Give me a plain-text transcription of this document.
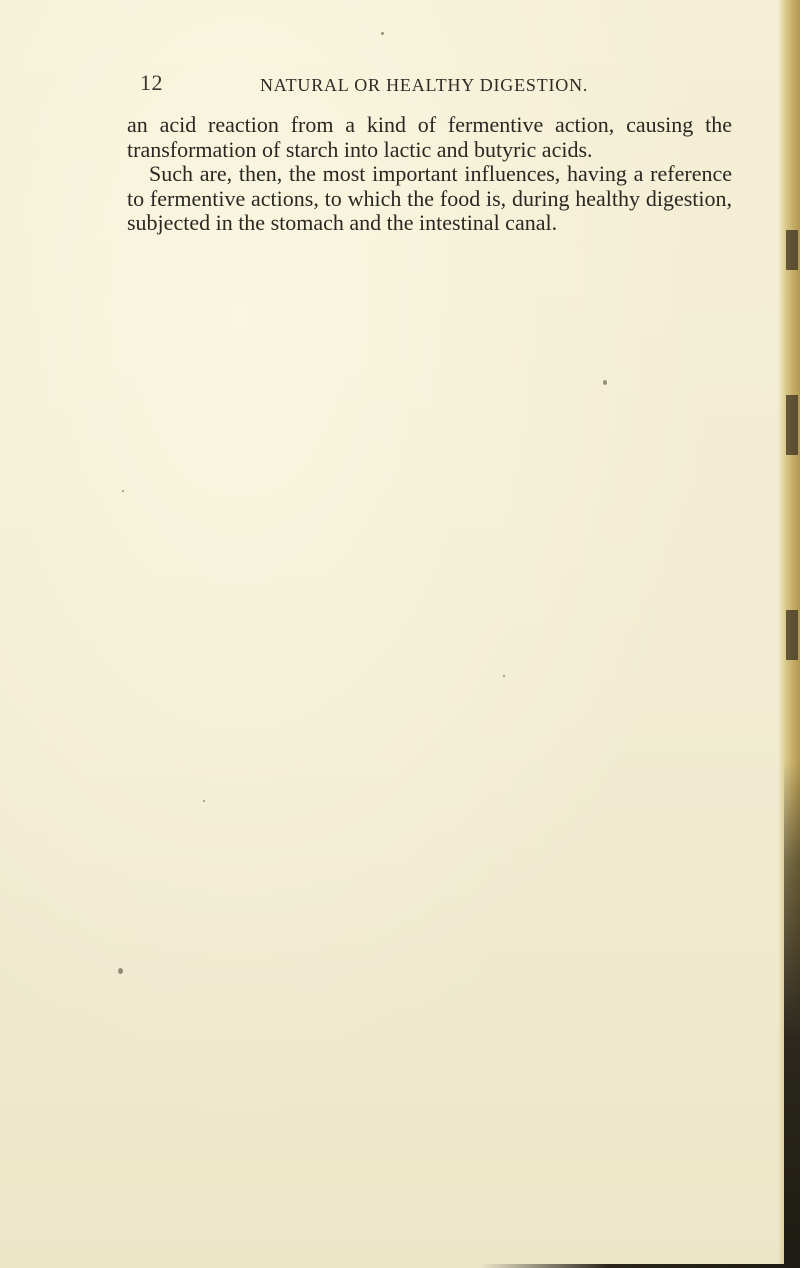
12	NATURAL OR HEALTHY DIGESTION.

an acid reaction from a kind of fermentive action, causing the transformation of starch into lactic and butyric acids.

Such are, then, the most important influences, having a reference to fermentive actions, to which the food is, during healthy digestion, subjected in the stomach and the intestinal canal.
